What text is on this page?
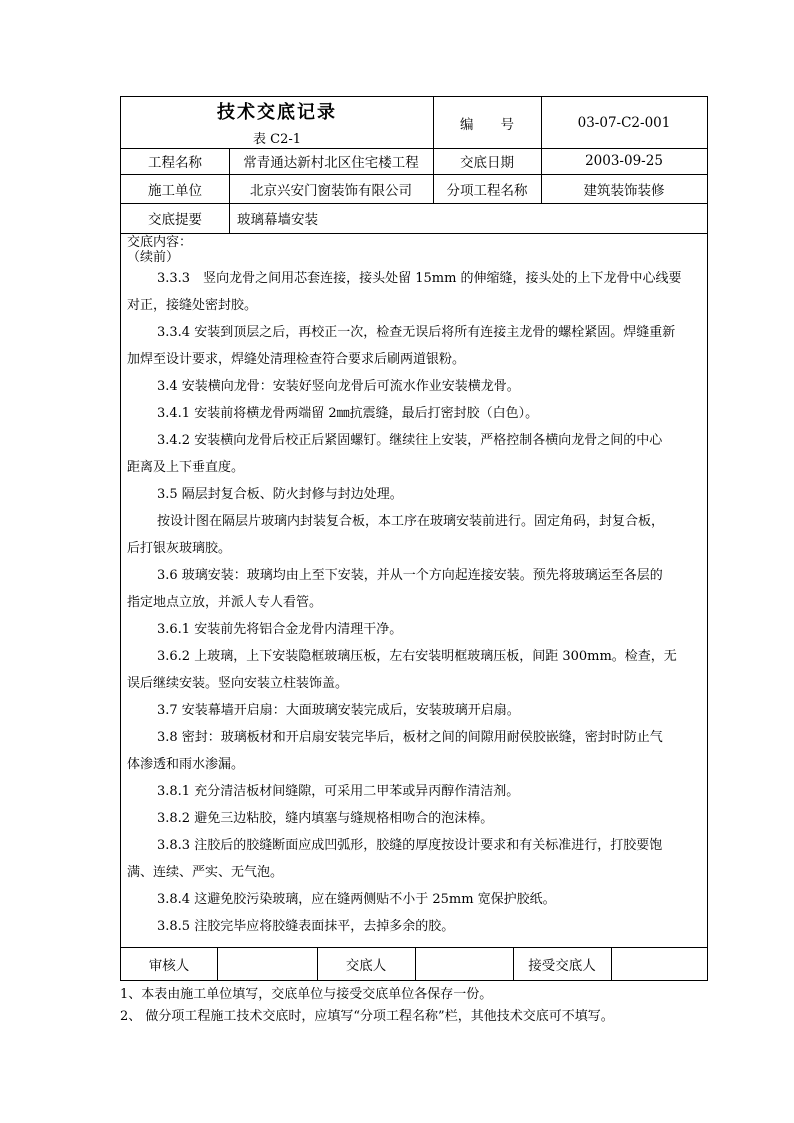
技术交底记录
表 C2-1
编　　号	03-07-C2-001
工程名称	常青通达新村北区住宅楼工程	交底日期	2003-09-25
施工单位	北京兴安门窗装饰有限公司	分项工程名称	建筑装饰装修
交底提要	玻璃幕墙安装
交底内容：
（续前）
3.3.3　竖向龙骨之间用芯套连接，接头处留 15mm 的伸缩缝，接头处的上下龙骨中心线要
对正，接缝处密封胶。
3.3.4 安装到顶层之后，再校正一次，检查无误后将所有连接主龙骨的螺栓紧固。焊缝重新
加焊至设计要求，焊缝处清理检查符合要求后刷两道银粉。
3.4 安装横向龙骨：安装好竖向龙骨后可流水作业安装横龙骨。
3.4.1 安装前将横龙骨两端留 2㎜抗震缝，最后打密封胶（白色）。
3.4.2 安装横向龙骨后校正后紧固螺钉。继续往上安装，严格控制各横向龙骨之间的中心
距离及上下垂直度。
3.5 隔层封复合板、防火封修与封边处理。
按设计图在隔层片玻璃内封装复合板，本工序在玻璃安装前进行。固定角码，封复合板，
后打银灰玻璃胶。
3.6 玻璃安装：玻璃均由上至下安装，并从一个方向起连接安装。预先将玻璃运至各层的
指定地点立放，并派人专人看管。
3.6.1 安装前先将铝合金龙骨内清理干净。
3.6.2 上玻璃，上下安装隐框玻璃压板，左右安装明框玻璃压板，间距 300mm。检查，无
误后继续安装。竖向安装立柱装饰盖。
3.7 安装幕墙开启扇：大面玻璃安装完成后，安装玻璃开启扇。
3.8 密封：玻璃板材和开启扇安装完毕后，板材之间的间隙用耐侯胶嵌缝，密封时防止气
体渗透和雨水渗漏。
3.8.1 充分清洁板材间缝隙，可采用二甲苯或异丙醇作清洁剂。
3.8.2 避免三边粘胶，缝内填塞与缝规格相吻合的泡沫棒。
3.8.3 注胶后的胶缝断面应成凹弧形，胶缝的厚度按设计要求和有关标准进行，打胶要饱
满、连续、严实、无气泡。
3.8.4 这避免胶污染玻璃，应在缝两侧贴不小于 25mm 宽保护胶纸。
3.8.5 注胶完毕应将胶缝表面抹平，去掉多余的胶。
审核人	交底人	接受交底人
1、本表由施工单位填写，交底单位与接受交底单位各保存一份。
2、 做分项工程施工技术交底时，应填写“分项工程名称”栏，其他技术交底可不填写。
